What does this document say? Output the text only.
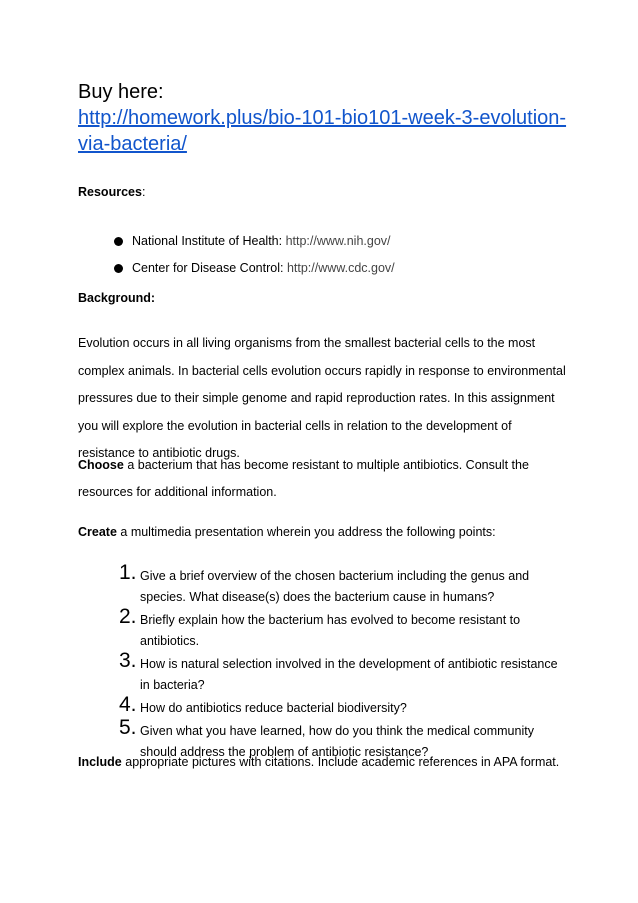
Buy here:
http://homework.plus/bio-101-bio101-week-3-evolution-via-bacteria/

Resources:

National Institute of Health: http://www.nih.gov/
Center for Disease Control: http://www.cdc.gov/

Background:

Evolution occurs in all living organisms from the smallest bacterial cells to the most complex animals. In bacterial cells evolution occurs rapidly in response to environmental pressures due to their simple genome and rapid reproduction rates. In this assignment you will explore the evolution in bacterial cells in relation to the development of resistance to antibiotic drugs.

Choose a bacterium that has become resistant to multiple antibiotics. Consult the resources for additional information.

Create a multimedia presentation wherein you address the following points:

1. Give a brief overview of the chosen bacterium including the genus and species. What disease(s) does the bacterium cause in humans?
2. Briefly explain how the bacterium has evolved to become resistant to antibiotics.
3. How is natural selection involved in the development of antibiotic resistance in bacteria?
4. How do antibiotics reduce bacterial biodiversity?
5. Given what you have learned, how do you think the medical community should address the problem of antibiotic resistance?

Include appropriate pictures with citations. Include academic references in APA format.
